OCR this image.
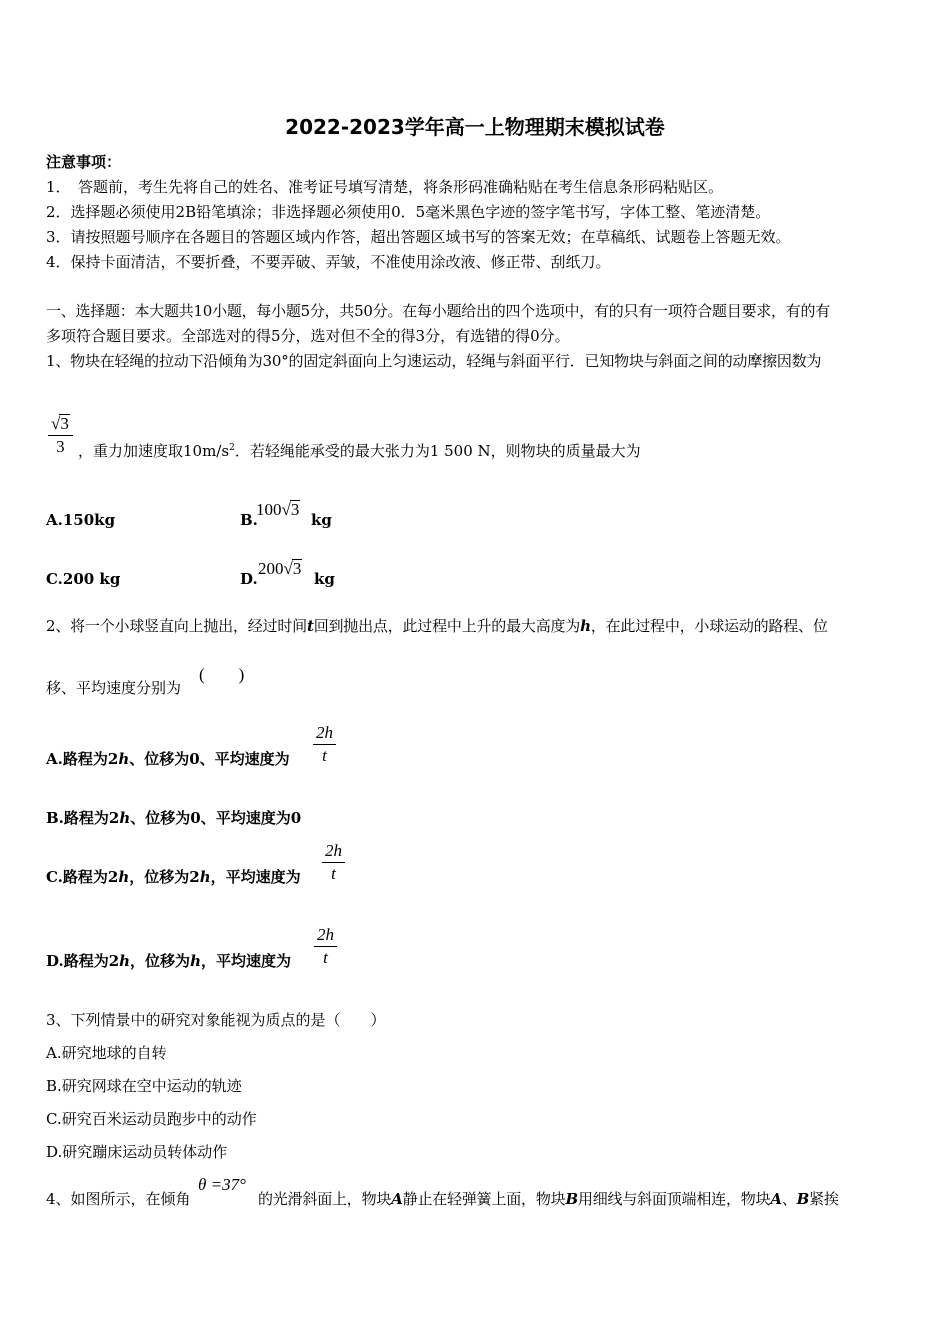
2022-2023学年高一上物理期末模拟试卷
注意事项：
1．　答题前，考生先将自己的姓名、准考证号填写清楚，将条形码准确粘贴在考生信息条形码粘贴区。
2．选择题必须使用2B铅笔填涂；非选择题必须使用0．5毫米黑色字迹的签字笔书写，字体工整、笔迹清楚。
3．请按照题号顺序在各题目的答题区域内作答，超出答题区域书写的答案无效；在草稿纸、试题卷上答题无效。
4．保持卡面清洁，不要折叠，不要弄破、弄皱，不准使用涂改液、修正带、刮纸刀。
一、选择题：本大题共10小题，每小题5分，共50分。在每小题给出的四个选项中，有的只有一项符合题目要求，有的有
多项符合题目要求。全部选对的得5分，选对但不全的得3分，有选错的得0分。
1、物块在轻绳的拉动下沿倾角为30°的固定斜面向上匀速运动，轻绳与斜面平行．已知物块与斜面之间的动摩擦因数为
$\frac{√3}{3}$ ，重力加速度取$10m/s^2$．若轻绳能承受的最大张力为1 500 N，则物块的质量最大为
A.150kg	B.
100√3
kg
C.200 kg	D.
200√3
kg
2、将一个小球竖直向上抛出，经过时间t回到抛出点，此过程中上升的最大高度为h，在此过程中，小球运动的路程、位
移、平均速度分别为
(　　)
A.路程为2h、位移为0、平均速度为 $\frac{2h}{t}$
B.路程为2h、位移为0、平均速度为0
C.路程为2h，位移为2h，平均速度为 $\frac{2h}{t}$
D.路程为2h，位移为h，平均速度为 $\frac{2h}{t}$
3、下列情景中的研究对象能视为质点的是（　　）
A.研究地球的自转
B.研究网球在空中运动的轨迹
C.研究百米运动员跑步中的动作
D.研究蹦床运动员转体动作
4、如图所示，在倾角
θ =37°
的光滑斜面上，物块A静止在轻弹簧上面，物块B用细线与斜面顶端相连，物块A、B紧挨
